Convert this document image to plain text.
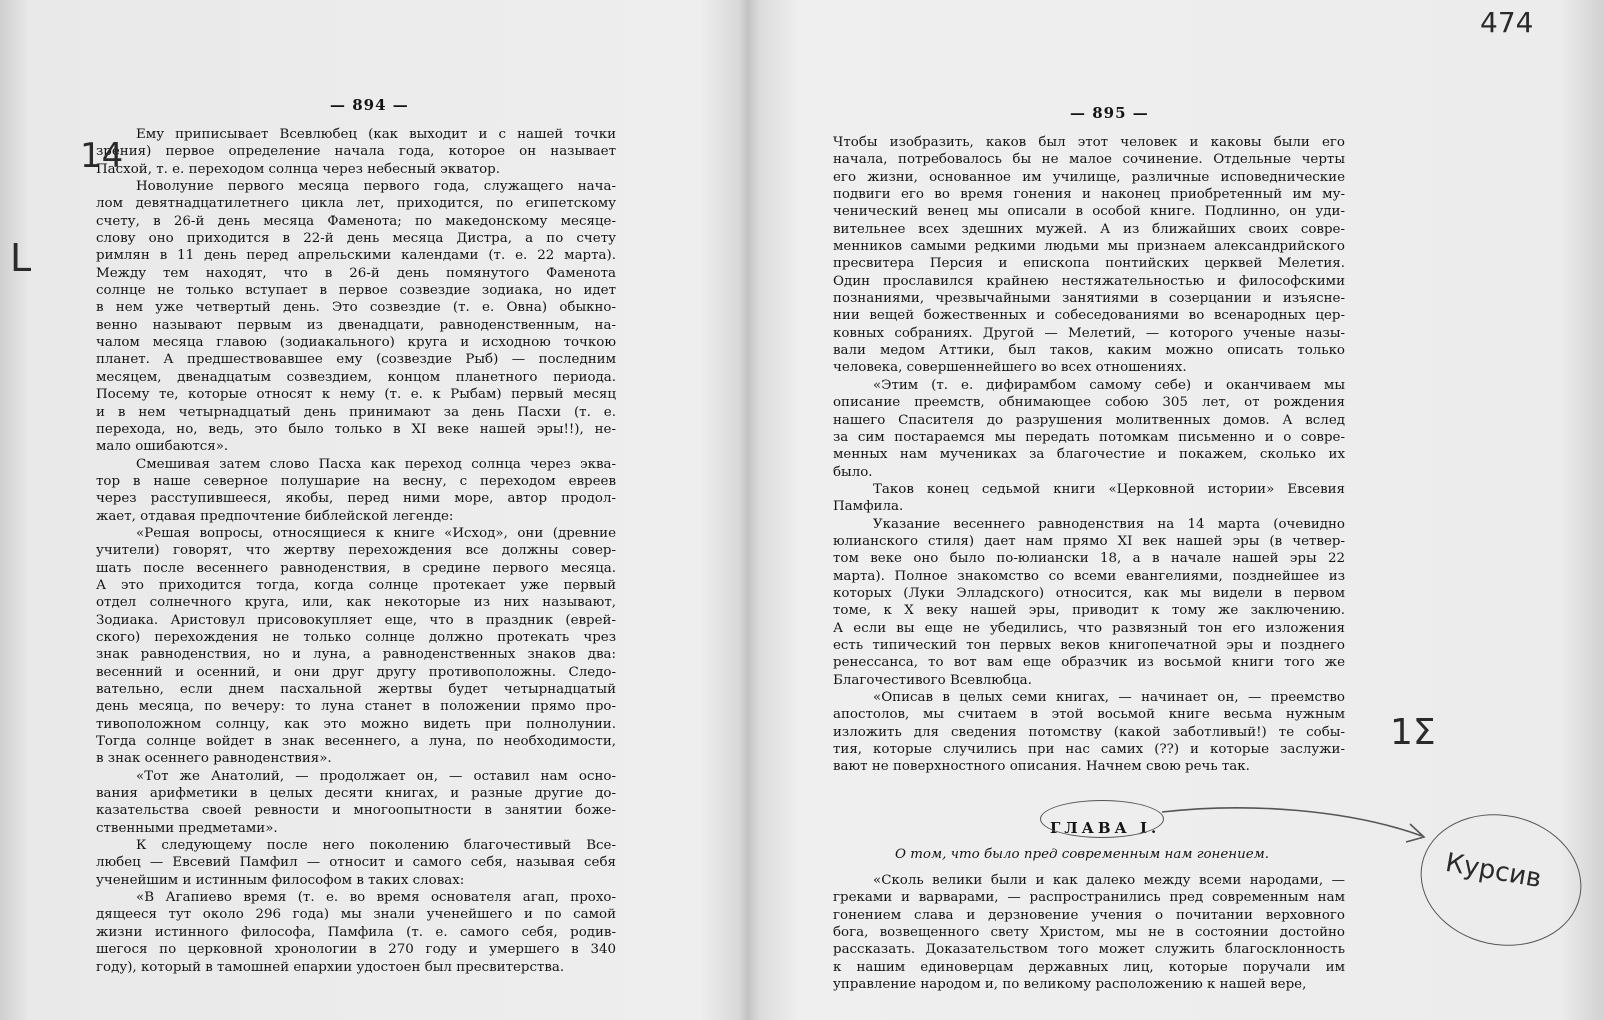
— 894 —
Ему приписывает Всевлюбец (как выходит и с нашей точки
зрения) первое определение начала года, которое он называет
Пасхой, т. е. переходом солнца через небесный экватор.
Новолуние первого месяца первого года, служащего нача-
лом девятнадцатилетнего цикла лет, приходится, по египетскому
счету, в 26-й день месяца Фаменота; по македонскому месяце-
слову оно приходится в 22-й день месяца Дистра, а по счету
римлян в 11 день перед апрельскими календами (т. е. 22 марта).
Между тем находят, что в 26-й день помянутого Фаменота
солнце не только вступает в первое созвездие зодиака, но идет
в нем уже четвертый день. Это созвездие (т. е. Овна) обыкно-
венно называют первым из двенадцати, равноденственным, на-
чалом месяца главою (зодиакального) круга и исходною точкою
планет. А предшествовавшее ему (созвездие Рыб) — последним
месяцем, двенадцатым созвездием, концом планетного периода.
Посему те, которые относят к нему (т. е. к Рыбам) первый месяц
и в нем четырнадцатый день принимают за день Пасхи (т. е.
перехода, но, ведь, это было только в XI веке нашей эры!!), не-
мало ошибаются».
Смешивая затем слово Пасха как переход солнца через эква-
тор в наше северное полушарие на весну, с переходом евреев
через расступившееся, якобы, перед ними море, автор продол-
жает, отдавая предпочтение библейской легенде:
«Решая вопросы, относящиеся к книге «Исход», они (древние
учители) говорят, что жертву перехождения все должны совер-
шать после весеннего равноденствия, в средине первого месяца.
А это приходится тогда, когда солнце протекает уже первый
отдел солнечного круга, или, как некоторые из них называют,
Зодиака. Аристовул присовокупляет еще, что в праздник (еврей-
ского) перехождения не только солнце должно протекать чрез
знак равноденствия, но и луна, а равноденственных знаков два:
весенний и осенний, и они друг другу противоположны. Следо-
вательно, если днем пасхальной жертвы будет четырнадцатый
день месяца, по вечеру: то луна станет в положении прямо про-
тивоположном солнцу, как это можно видеть при полнолунии.
Тогда солнце войдет в знак весеннего, а луна, по необходимости,
в знак осеннего равноденствия».
«Тот же Анатолий, — продолжает он, — оставил нам осно-
вания арифметики в целых десяти книгах, и разные другие до-
казательства своей ревности и многоопытности в занятии боже-
ственными предметами».
К следующему после него поколению благочестивый Все-
любец — Евсевий Памфил — относит и самого себя, называя себя
ученейшим и истинным философом в таких словах:
«В Агапиево время (т. е. во время основателя агап, прохо-
дящееся тут около 296 года) мы знали ученейшего и по самой
жизни истинного философа, Памфила (т. е. самого себя, родив-
шегося по церковной хронологии в 270 году и умершего в 340
году), который в тамошней епархии удостоен был пресвитерства.
— 895 —
Чтобы изобразить, каков был этот человек и каковы были его
начала, потребовалось бы не малое сочинение. Отдельные черты
его жизни, основанное им училище, различные исповеднические
подвиги его во время гонения и наконец приобретенный им му-
ченический венец мы описали в особой книге. Подлинно, он уди-
вительнее всех здешних мужей. А из ближайших своих совре-
менников самыми редкими людьми мы признаем александрийского
пресвитера Персия и епископа понтийских церквей Мелетия.
Один прославился крайнею нестяжательностью и философскими
познаниями, чрезвычайными занятиями в созерцании и изъясне-
нии вещей божественных и собеседованиями во всенародных цер-
ковных собраниях. Другой — Мелетий, — которого ученые назы-
вали медом Аттики, был таков, каким можно описать только
человека, совершеннейшего во всех отношениях.
«Этим (т. е. дифирамбом самому себе) и оканчиваем мы
описание преемств, обнимающее собою 305 лет, от рождения
нашего Спасителя до разрушения молитвенных домов. А вслед
за сим постараемся мы передать потомкам письменно и о совре-
менных нам мучениках за благочестие и покажем, сколько их
было.
Таков конец седьмой книги «Церковной истории» Евсевия
Памфила.
Указание весеннего равноденствия на 14 марта (очевидно
юлианского стиля) дает нам прямо XI век нашей эры (в четвер-
том веке оно было по-юлиански 18, а в начале нашей эры 22
марта). Полное знакомство со всеми евангелиями, позднейшее из
которых (Луки Элладского) относится, как мы видели в первом
томе, к X веку нашей эры, приводит к тому же заключению.
А если вы еще не убедились, что развязный тон его изложения
есть типический тон первых веков книгопечатной эры и позднего
ренессанса, то вот вам еще образчик из восьмой книги того же
Благочестивого Всевлюбца.
«Описав в целых семи книгах, — начинает он, — преемство
апостолов, мы считаем в этой восьмой книге весьма нужным
изложить для сведения потомству (какой заботливый!) те собы-
тия, которые случились при нас самих (??) и которые заслужи-
вают не поверхностного описания. Начнем свою речь так.
ГЛАВА I.
О том, что было пред современным нам гонением.
«Сколь велики были и как далеко между всеми народами, —
греками и варварами, — распространились пред современным нам
гонением слава и дерзновение учения о почитании верховного
бога, возвещенного свету Христом, мы не в состоянии достойно
рассказать. Доказательством того может служить благосклонность
к нашим единоверцам державных лиц, которые поручали им
управление народом и, по великому расположению к нашей вере,
Курсив
474
14
L
1Σ
